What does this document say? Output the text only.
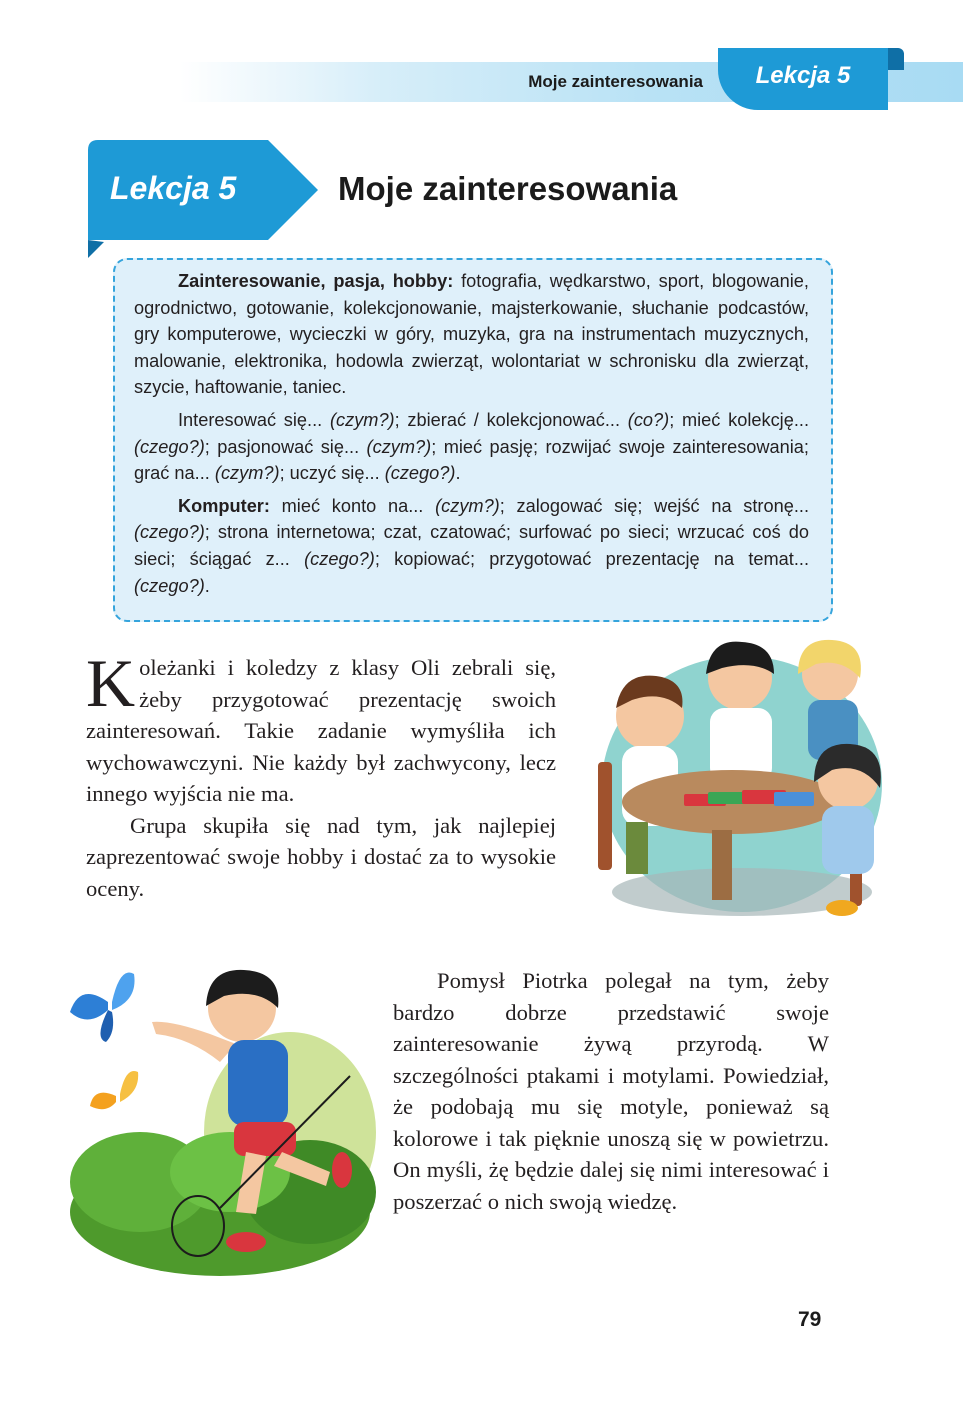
Moje zainteresowania	Lekcja 5
Lekcja 5	Moje zainteresowania

Zainteresowanie, pasja, hobby: fotografia, wędkarstwo, sport, blogowanie, ogrodnictwo, gotowanie, kolekcjonowanie, majsterkowanie, słuchanie podcastów, gry komputerowe, wycieczki w góry, muzyka, gra na instrumentach muzycznych, malowanie, elektronika, hodowla zwierząt, wolontariat w schronisku dla zwierząt, szycie, haftowanie, taniec.

Interesować się... (czym?); zbierać / kolekcjonować... (co?); mieć kolekcję... (czego?); pasjonować się... (czym?); mieć pasję; rozwijać swoje zainteresowania; grać na... (czym?); uczyć się... (czego?).

Komputer: mieć konto na... (czym?); zalogować się; wejść na stronę... (czego?); strona internetowa; czat, czatować; surfować po sieci; wrzucać coś do sieci; ściągać z... (czego?); kopiować; przygotować prezentację na temat... (czego?).

Koleżanki i koledzy z klasy Oli zebrali się, żeby przygotować prezentację swoich zainteresowań. Takie zadanie wymyśliła ich wychowawczyni. Nie każdy był zachwycony, lecz innego wyjścia nie ma.

Grupa skupiła się nad tym, jak najlepiej zaprezentować swoje hobby i dostać za to wysokie oceny.

Pomysł Piotrka polegał na tym, żeby bardzo dobrze przedstawić swoje zainteresowanie żywą przyrodą. W szczególności ptakami i motylami. Powiedział, że podobają mu się motyle, ponieważ są kolorowe i tak pięknie unoszą się w powietrzu. On myśli, żę będzie dalej się nimi interesować i poszerzać o nich swoją wiedzę.

79
